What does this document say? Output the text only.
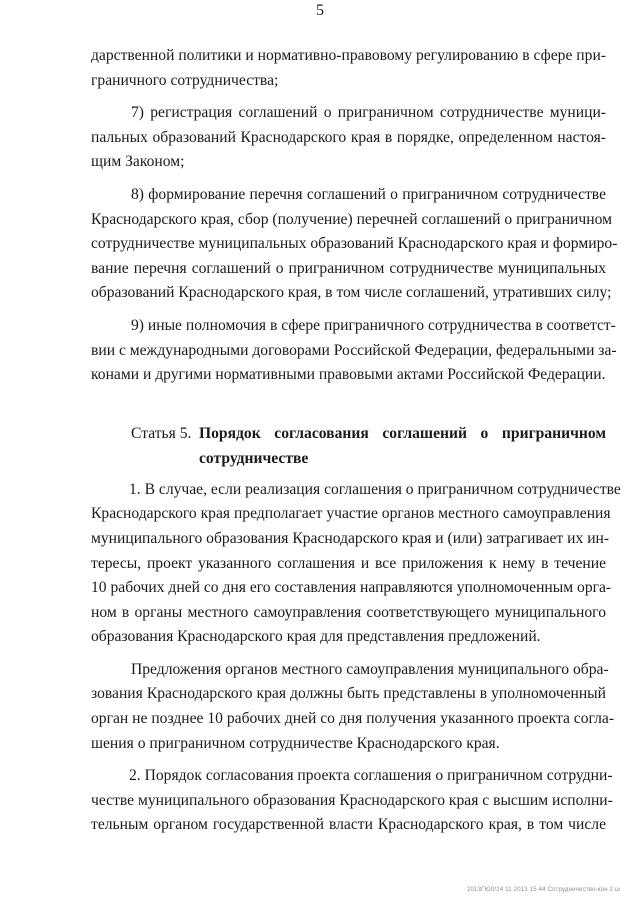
5
дарственной политики и нормативно-правовому регулированию в сфере при-
граничного сотрудничества;
7) регистрация соглашений о приграничном сотрудничестве муници-
пальных образований Краснодарского края в порядке, определенном настоя-
щим Законом;
8) формирование перечня соглашений о приграничном сотрудничестве
Краснодарского края, сбор (получение) перечней соглашений о приграничном
сотрудничестве муниципальных образований Краснодарского края и формиро-
вание перечня соглашений о приграничном сотрудничестве муниципальных
образований Краснодарского края, в том числе соглашений, утративших силу;
9) иные полномочия в сфере приграничного сотрудничества в соответст-
вии с международными договорами Российской Федерации, федеральными за-
конами и другими нормативными правовыми актами Российской Федерации.
Статья 5. Порядок согласования соглашений о приграничном
сотрудничестве
1. В случае, если реализация соглашения о приграничном сотрудничестве
Краснодарского края предполагает участие органов местного самоуправления
муниципального образования Краснодарского края и (или) затрагивает их ин-
тересы, проект указанного соглашения и все приложения к нему в течение
10 рабочих дней со дня его составления направляются уполномоченным орга-
ном в органы местного самоуправления соответствующего муниципального
образования Краснодарского края для представления предложений.
Предложения органов местного самоуправления муниципального обра-
зования Краснодарского края должны быть представлены в уполномоченный
орган не позднее 10 рабочих дней со дня получения указанного проекта согла-
шения о приграничном сотрудничестве Краснодарского края.
2. Порядок согласования проекта соглашения о приграничном сотрудни-
честве муниципального образования Краснодарского края с высшим исполни-
тельным органом государственной власти Краснодарского края, в том числе
2013ГЮ0/24 11 2013 15 44 Сотрудничество-кон 2 ш
